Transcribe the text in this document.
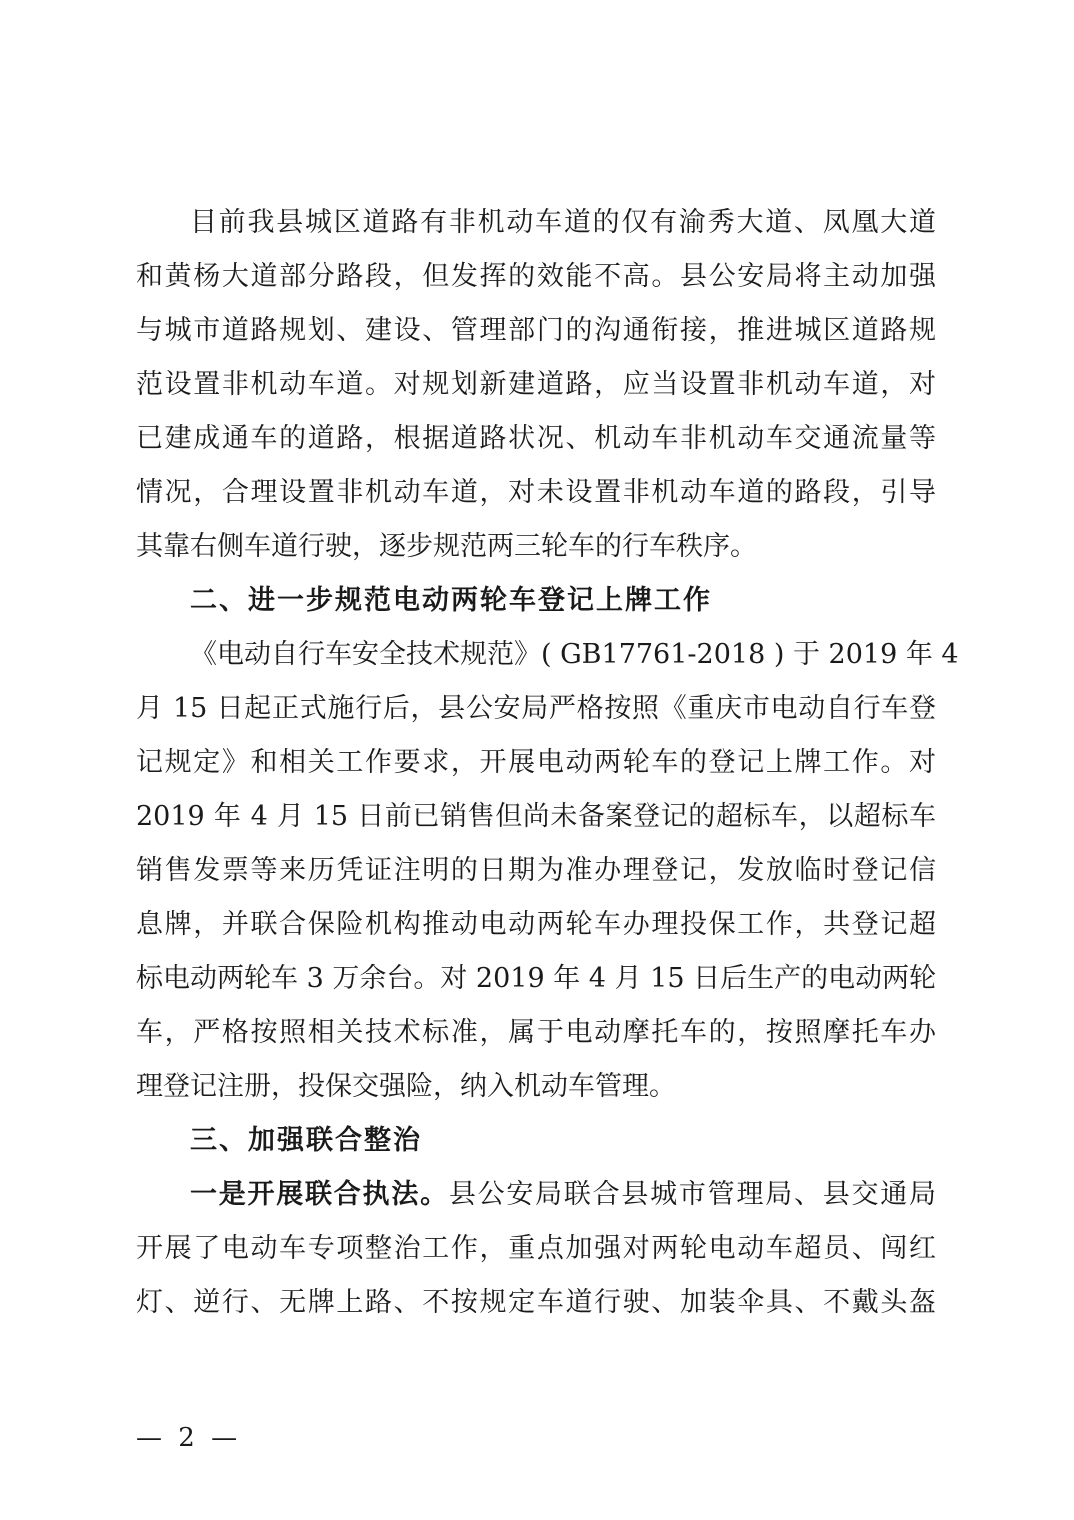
目前我县城区道路有非机动车道的仅有渝秀大道、凤凰大道
和黄杨大道部分路段，但发挥的效能不高。县公安局将主动加强
与城市道路规划、建设、管理部门的沟通衔接，推进城区道路规
范设置非机动车道。对规划新建道路，应当设置非机动车道，对
已建成通车的道路，根据道路状况、机动车非机动车交通流量等
情况，合理设置非机动车道，对未设置非机动车道的路段，引导
其靠右侧车道行驶，逐步规范两三轮车的行车秩序。
二、进一步规范电动两轮车登记上牌工作
《电动自行车安全技术规范》( GB17761-2018 ) 于 2019 年 4
月 15 日起正式施行后，县公安局严格按照《重庆市电动自行车登
记规定》和相关工作要求，开展电动两轮车的登记上牌工作。对
2019 年 4 月 15 日前已销售但尚未备案登记的超标车，以超标车
销售发票等来历凭证注明的日期为准办理登记，发放临时登记信
息牌，并联合保险机构推动电动两轮车办理投保工作，共登记超
标电动两轮车 3 万余台。对 2019 年 4 月 15 日后生产的电动两轮
车，严格按照相关技术标准，属于电动摩托车的，按照摩托车办
理登记注册，投保交强险，纳入机动车管理。
三、加强联合整治
一是开展联合执法。县公安局联合县城市管理局、县交通局
开展了电动车专项整治工作，重点加强对两轮电动车超员、闯红
灯、逆行、无牌上路、不按规定车道行驶、加装伞具、不戴头盔
— 2 —
